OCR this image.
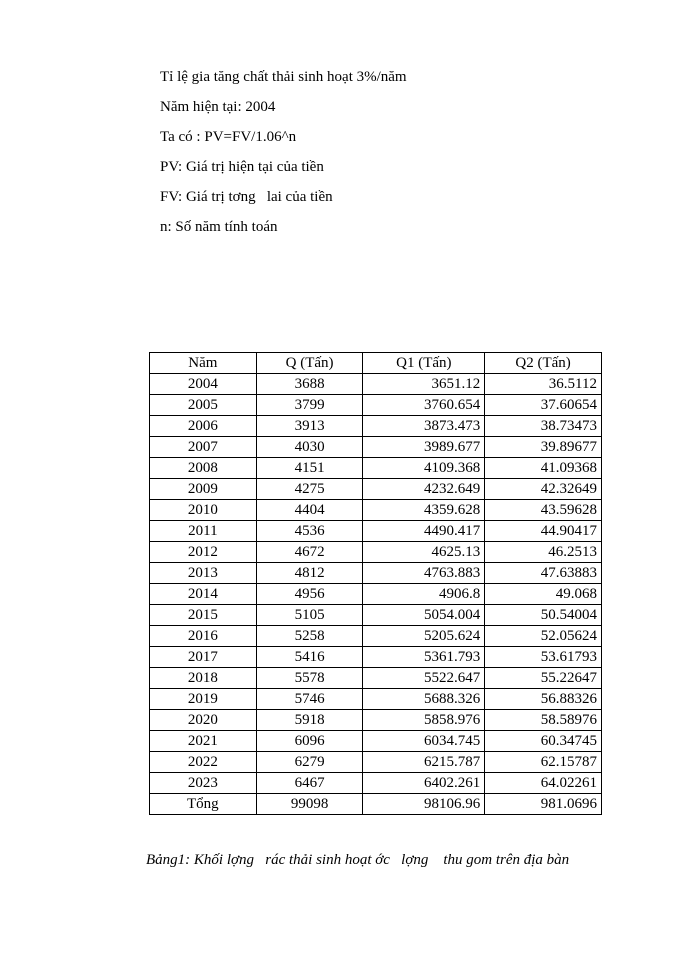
Tỉ lệ gia tăng chất thải sinh hoạt 3%/năm

Năm hiện tại: 2004

Ta có : PV=FV/1.06^n

PV: Giá trị hiện tại của tiền

FV: Giá trị tơng   lai của tiền

n: Số năm tính toán

Năm	Q (Tấn)	Q1 (Tấn)	Q2 (Tấn)
2004	3688	3651.12	36.5112
2005	3799	3760.654	37.60654
2006	3913	3873.473	38.73473
2007	4030	3989.677	39.89677
2008	4151	4109.368	41.09368
2009	4275	4232.649	42.32649
2010	4404	4359.628	43.59628
2011	4536	4490.417	44.90417
2012	4672	4625.13	46.2513
2013	4812	4763.883	47.63883
2014	4956	4906.8	49.068
2015	5105	5054.004	50.54004
2016	5258	5205.624	52.05624
2017	5416	5361.793	53.61793
2018	5578	5522.647	55.22647
2019	5746	5688.326	56.88326
2020	5918	5858.976	58.58976
2021	6096	6034.745	60.34745
2022	6279	6215.787	62.15787
2023	6467	6402.261	64.02261
Tổng	99098	98106.96	981.0696
Bảng1: Khối lợng   rác thải sinh hoạt ớc   lợng    thu gom trên địa bàn
